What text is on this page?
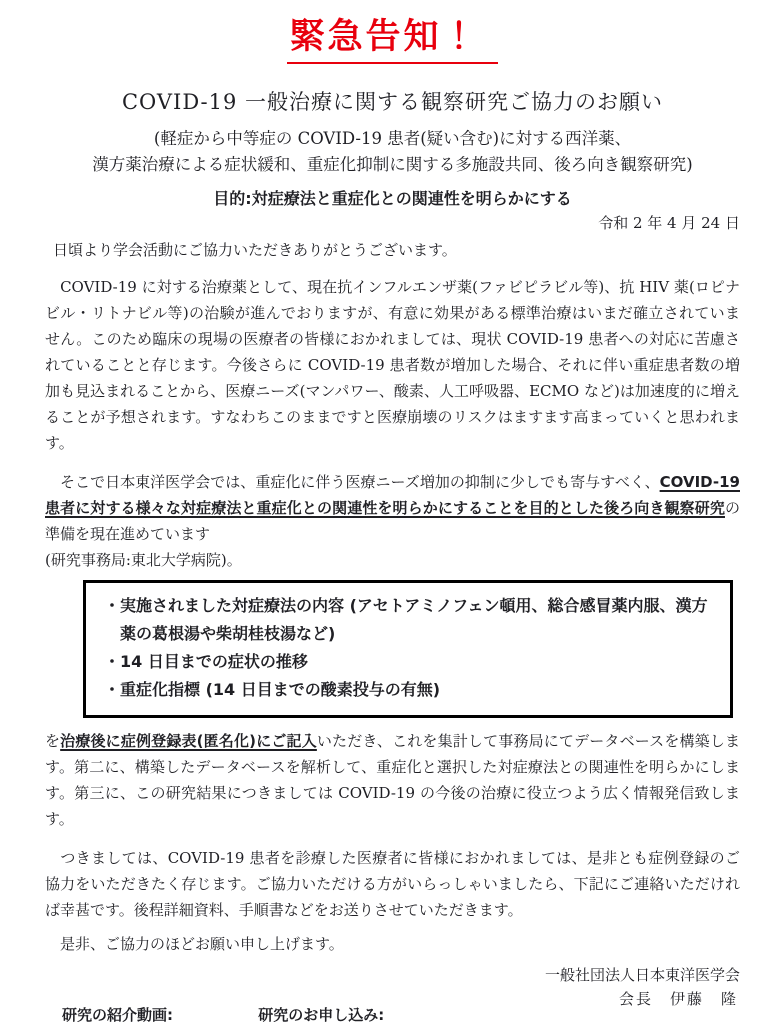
緊急告知！
COVID-19 一般治療に関する観察研究ご協力のお願い
(軽症から中等症の COVID-19 患者(疑い含む)に対する西洋薬、
漢方薬治療による症状緩和、重症化抑制に関する多施設共同、後ろ向き観察研究)
目的:対症療法と重症化との関連性を明らかにする
令和 2 年 4 月 24 日
日頃より学会活動にご協力いただきありがとうございます。
　COVID-19 に対する治療薬として、現在抗インフルエンザ薬(ファビピラビル等)、抗 HIV 薬(ロピナビル・リトナビル等)の治験が進んでおりますが、有意に効果がある標準治療はいまだ確立されていません。このため臨床の現場の医療者の皆様におかれましては、現状 COVID-19 患者への対応に苦慮されていることと存じます。今後さらに COVID-19 患者数が増加した場合、それに伴い重症患者数の増加も見込まれることから、医療ニーズ(マンパワー、酸素、人工呼吸器、ECMO など)は加速度的に増えることが予想されます。すなわちこのままですと医療崩壊のリスクはますます高まっていくと思われます。
　そこで日本東洋医学会では、重症化に伴う医療ニーズ増加の抑制に少しでも寄与すべく、COVID-19 患者に対する様々な対症療法と重症化との関連性を明らかにすることを目的とした後ろ向き観察研究の準備を現在進めています
(研究事務局:東北大学病院)。
・実施されました対症療法の内容 (アセトアミノフェン頓用、総合感冒薬内服、漢方薬の葛根湯や柴胡桂枝湯など)
・14 日目までの症状の推移
・重症化指標 (14 日目までの酸素投与の有無)
を治療後に症例登録表(匿名化)にご記入いただき、これを集計して事務局にてデータベースを構築します。第二に、構築したデータベースを解析して、重症化と選択した対症療法との関連性を明らかにします。第三に、この研究結果につきましては COVID-19 の今後の治療に役立つよう広く情報発信致します。
　つきましては、COVID-19 患者を診療した医療者に皆様におかれましては、是非とも症例登録のご協力をいただきたく存じます。ご協力いただける方がいらっしゃいましたら、下記にご連絡いただければ幸甚です。後程詳細資料、手順書などをお送りさせていただきます。
　是非、ご協力のほどお願い申し上げます。
一般社団法人日本東洋医学会
会長　伊藤　隆
研究の紹介動画:	研究のお申し込み:
